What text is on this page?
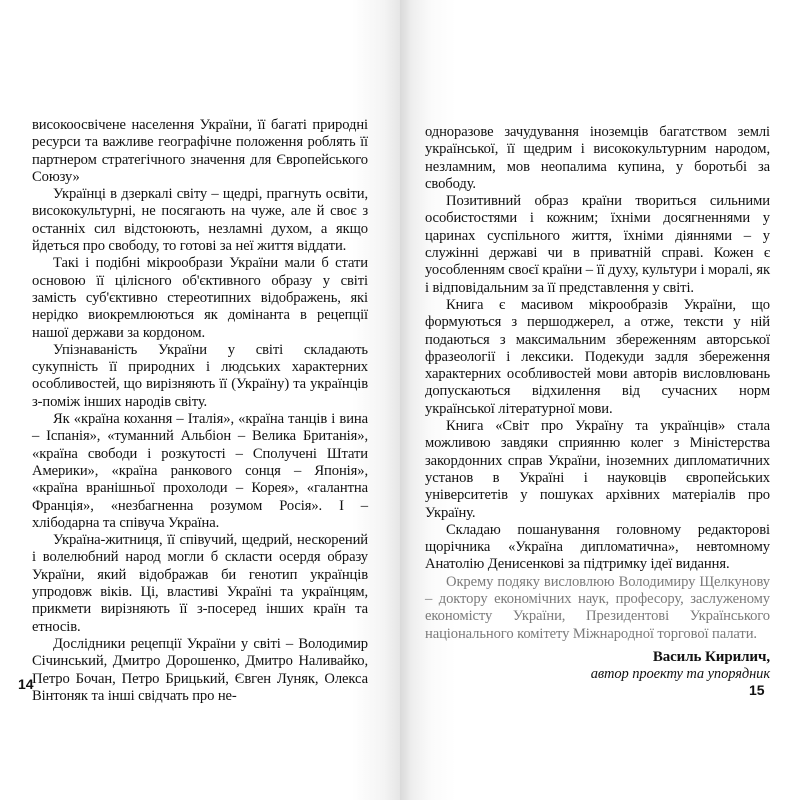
високоосвічене населення України, її багаті природні ресурси та важливе географічне положення роблять її партнером стратегічного значення для Європейського Союзу»

Українці в дзеркалі світу – щедрі, прагнуть освіти, висококультурні, не посягають на чуже, але й своє з останніх сил відстоюють, незламні духом, а якщо йдеться про свободу, то готові за неї життя віддати.

Такі і подібні мікрообрази України мали б стати основою її цілісного об'єктивного образу у світі замість суб'єктивно стереотипних відображень, які нерідко виокремлюються як домінанта в рецепції нашої держави за кордоном.

Упізнаваність України у світі складають сукупність її природних і людських характерних особливостей, що вирізняють її (Україну) та українців з-поміж інших народів світу.

Як «країна кохання – Італія», «країна танців і вина – Іспанія», «туманний Альбіон – Велика Британія», «країна свободи і розкутості – Сполучені Штати Америки», «країна ранкового сонця – Японія», «країна вранішньої прохолоди – Корея», «галантна Франція», «незбагненна розумом Росія». І – хлібодарна та співуча Україна.

Україна-житниця, її співучий, щедрий, нескорений і волелюбний народ могли б скласти осердя образу України, який відображав би генотип українців упродовж віків. Ці, властиві Україні та українцям, прикмети вирізняють її з-посеред інших країн та етносів.

Дослідники рецепції України у світі – Володимир Січинський, Дмитро Дорошенко, Дмитро Наливайко, Петро Бочан, Петро Брицький, Євген Луняк, Олекса Вінтоняк та інші свідчать про не-

14

одноразове зачудування іноземців багатством землі української, її щедрим і висококультурним народом, незламним, мов неопалима купина, у боротьбі за свободу.

Позитивний образ країни твориться сильними особистостями і кожним; їхніми досягненнями у царинах суспільного життя, їхніми діяннями – у служінні державі чи в приватній справі. Кожен є уособленням своєї країни – її духу, культури і моралі, як і відповідальним за її представлення у світі.

Книга є масивом мікрообразів України, що формуються з першоджерел, а отже, тексти у ній подаються з максимальним збереженням авторської фразеології і лексики. Подекуди задля збереження характерних особливостей мови авторів висловлювань допускаються відхилення від сучасних норм української літературної мови.

Книга «Світ про Україну та українців» стала можливою завдяки сприянню колег з Міністерства закордонних справ України, іноземних дипломатичних установ в Україні і науковців європейських університетів у пошуках архівних матеріалів про Україну.

Складаю пошанування головному редакторові щорічника «Україна дипломатична», невтомному Анатолію Денисенкові за підтримку ідеї видання.

Окрему подяку висловлюю Володимиру Щелкунову – доктору економічних наук, професору, заслуженому економісту України, Президентові Українського національного комітету Міжнародної торгової палати.

Василь Кирилич,
автор проекту та упорядник
15
